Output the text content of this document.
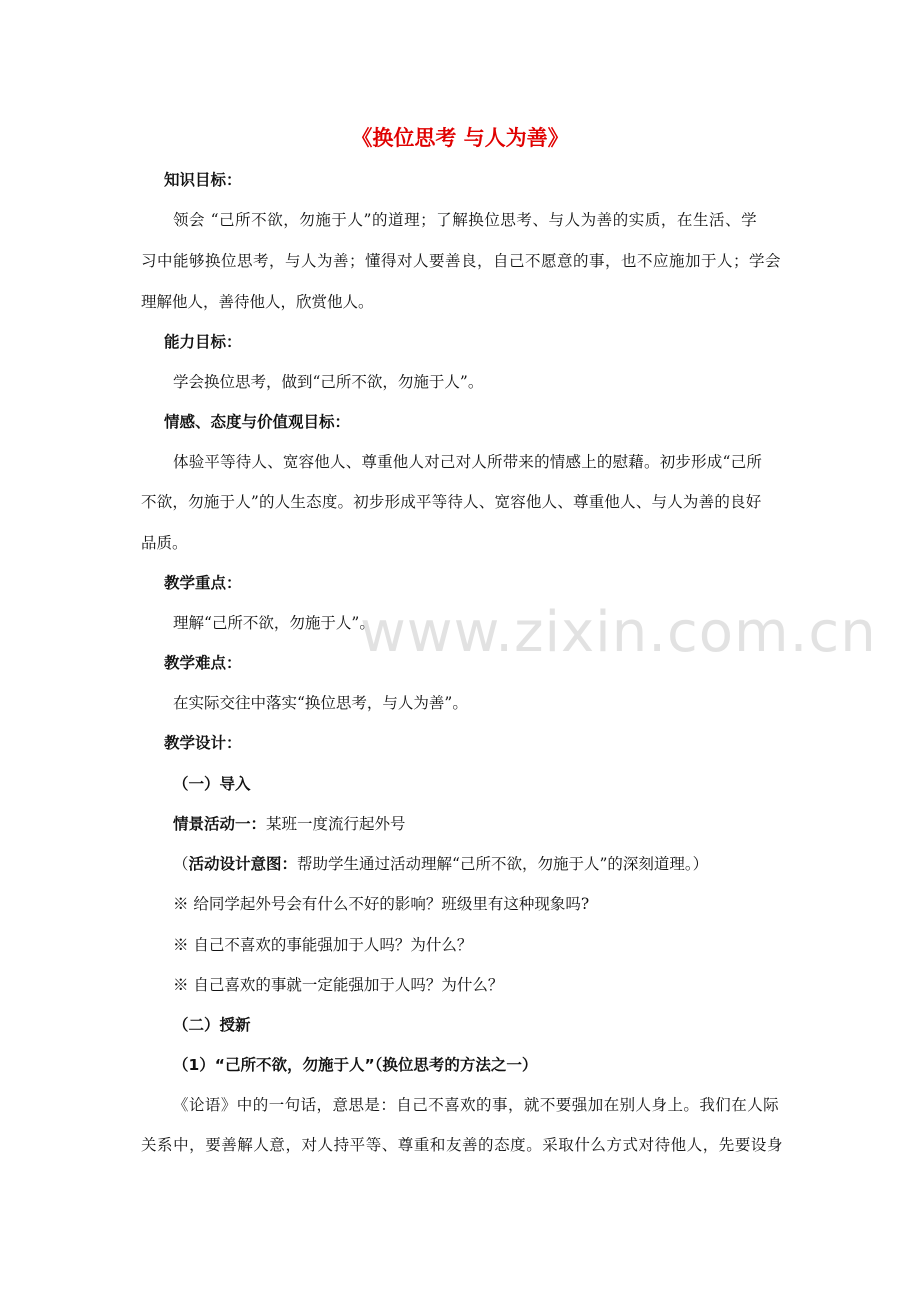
《换位思考 与人为善》
知识目标：
领会 “己所不欲，勿施于人”的道理；了解换位思考、与人为善的实质，在生活、学
习中能够换位思考，与人为善；懂得对人要善良，自己不愿意的事，也不应施加于人；学会
理解他人，善待他人，欣赏他人。
能力目标：
学会换位思考，做到“己所不欲，勿施于人”。
情感、态度与价值观目标：
体验平等待人、宽容他人、尊重他人对己对人所带来的情感上的慰藉。初步形成“己所
不欲，勿施于人”的人生态度。初步形成平等待人、宽容他人、尊重他人、与人为善的良好
品质。
教学重点：
理解“己所不欲，勿施于人”。
教学难点：
在实际交往中落实“换位思考，与人为善”。
教学设计：
（一）导入
情景活动一：某班一度流行起外号
（活动设计意图：帮助学生通过活动理解“己所不欲，勿施于人”的深刻道理。）
※ 给同学起外号会有什么不好的影响？班级里有这种现象吗?
※ 自己不喜欢的事能强加于人吗？为什么？
※ 自己喜欢的事就一定能强加于人吗？为什么？
（二）授新
（1）“己所不欲，勿施于人”（换位思考的方法之一）
《论语》中的一句话，意思是：自己不喜欢的事，就不要强加在别人身上。我们在人际
关系中，要善解人意，对人持平等、尊重和友善的态度。采取什么方式对待他人，先要设身
www.zixin.com.cn
